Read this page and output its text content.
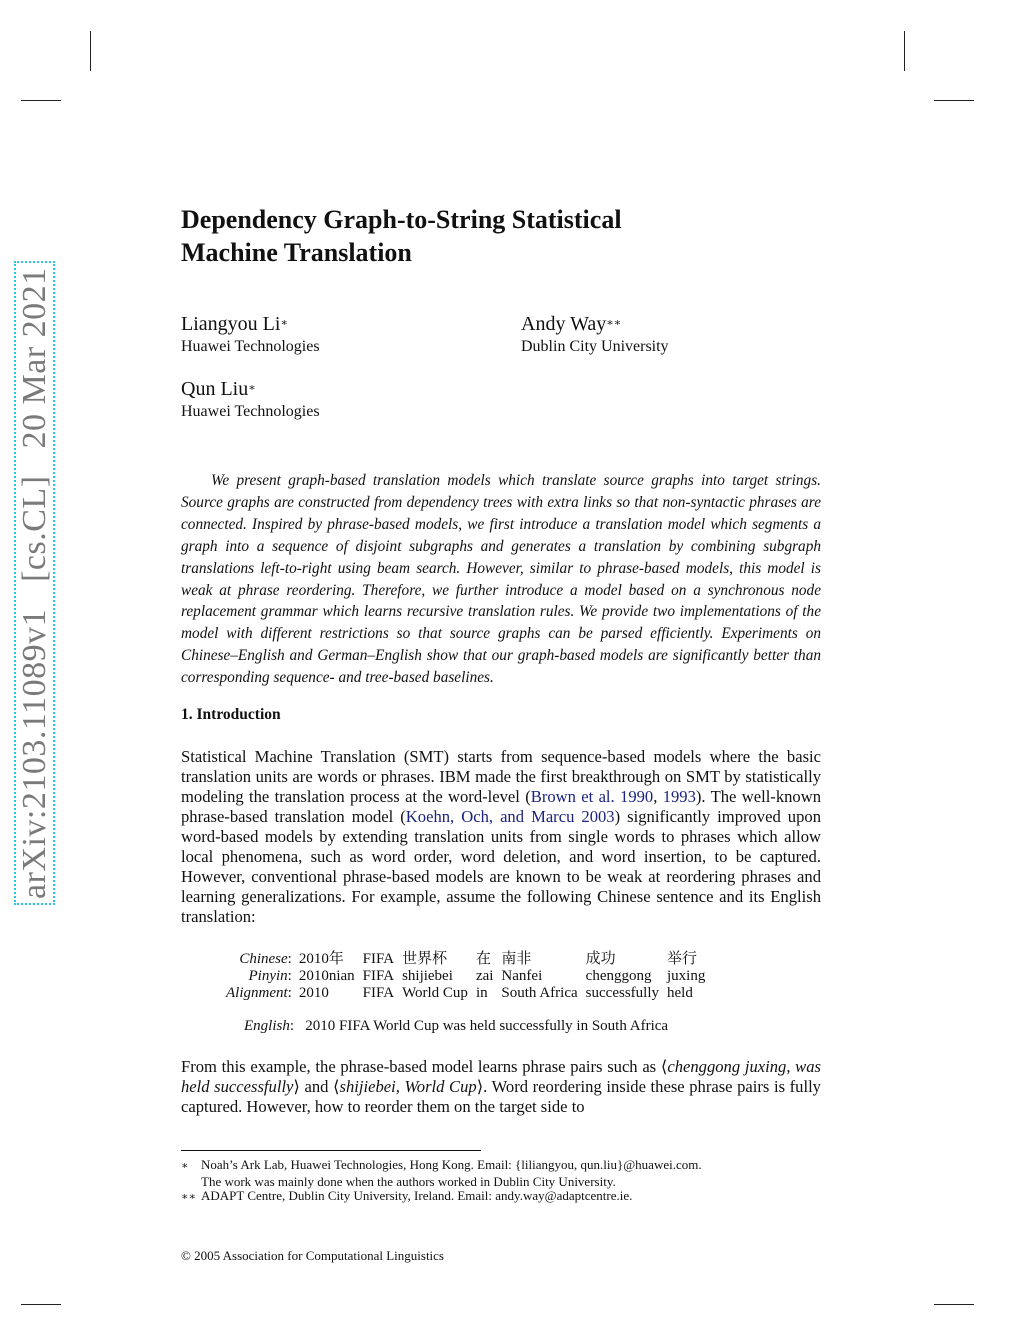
arXiv:2103.11089v1   [cs.CL]   20 Mar 2021
Dependency Graph-to-String Statistical
Machine Translation
Liangyou Li∗
Huawei Technologies
Andy Way∗∗
Dublin City University
Qun Liu∗
Huawei Technologies
We present graph-based translation models which translate source graphs into target strings. Source graphs are constructed from dependency trees with extra links so that non-syntactic phrases are connected. Inspired by phrase-based models, we first introduce a translation model which segments a graph into a sequence of disjoint subgraphs and generates a translation by combining subgraph translations left-to-right using beam search. However, similar to phrase-based models, this model is weak at phrase reordering. Therefore, we further introduce a model based on a synchronous node replacement grammar which learns recursive translation rules. We provide two implementations of the model with different restrictions so that source graphs can be parsed efficiently. Experiments on Chinese–English and German–English show that our graph-based models are significantly better than corresponding sequence- and tree-based baselines.
1. Introduction
Statistical Machine Translation (SMT) starts from sequence-based models where the basic translation units are words or phrases. IBM made the first breakthrough on SMT by statistically modeling the translation process at the word-level (Brown et al. 1990, 1993). The well-known phrase-based translation model (Koehn, Och, and Marcu 2003) significantly improved upon word-based models by extending translation units from single words to phrases which allow local phenomena, such as word order, word deletion, and word insertion, to be captured. However, conventional phrase-based models are known to be weak at reordering phrases and learning generalizations. For example, assume the following Chinese sentence and its English translation:
Chinese:	2010年	FIFA	世界杯	在	南非	成功	举行
Pinyin:	2010nian	FIFA	shijiebei	zai	Nanfei	chenggong	juxing
Alignment:	2010	FIFA	World Cup	in	South Africa	successfully	held
English:   2010 FIFA World Cup was held successfully in South Africa
From this example, the phrase-based model learns phrase pairs such as ⟨chenggong juxing, was held successfully⟩ and ⟨shijiebei, World Cup⟩. Word reordering inside these phrase pairs is fully captured. However, how to reorder them on the target side to
∗ Noah’s Ark Lab, Huawei Technologies, Hong Kong. Email: {liliangyou, qun.liu}@huawei.com.
The work was mainly done when the authors worked in Dublin City University.
∗∗ ADAPT Centre, Dublin City University, Ireland. Email: andy.way@adaptcentre.ie.
© 2005 Association for Computational Linguistics
